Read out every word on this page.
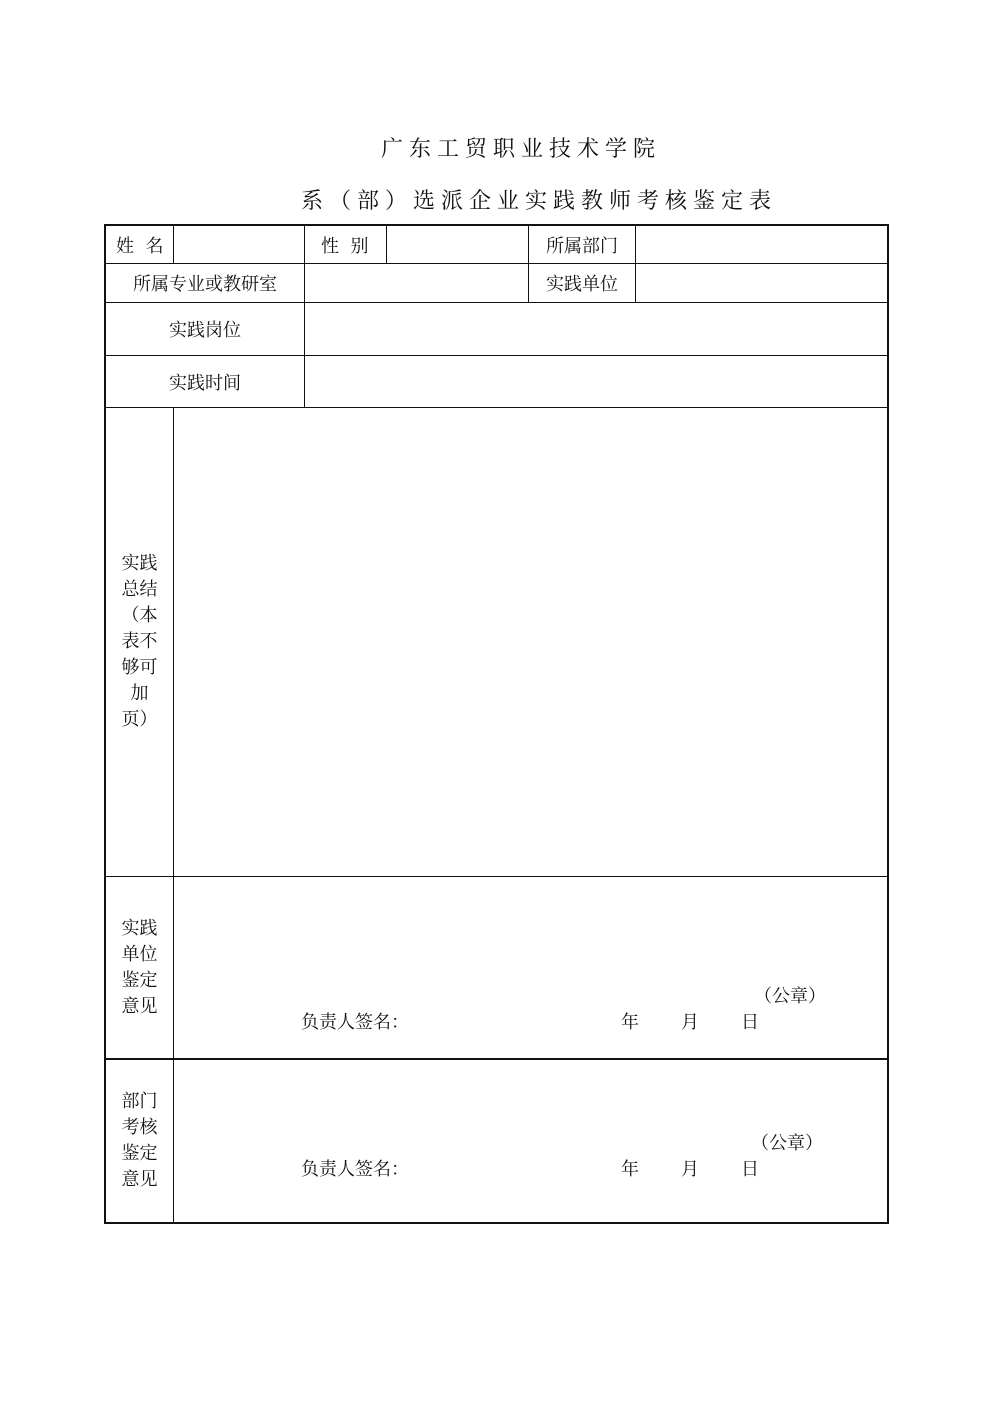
广东工贸职业技术学院
系（部）选派企业实践教师考核鉴定表
姓  名	性  别	所属部门
所属专业或教研室	实践单位
实践岗位
实践时间
实践总结（本表不够可加页）
实践单位鉴定意见	（公章）
负责人签名：	年 月 日
部门考核鉴定意见
（公章）
负责人签名：	年 月 日
